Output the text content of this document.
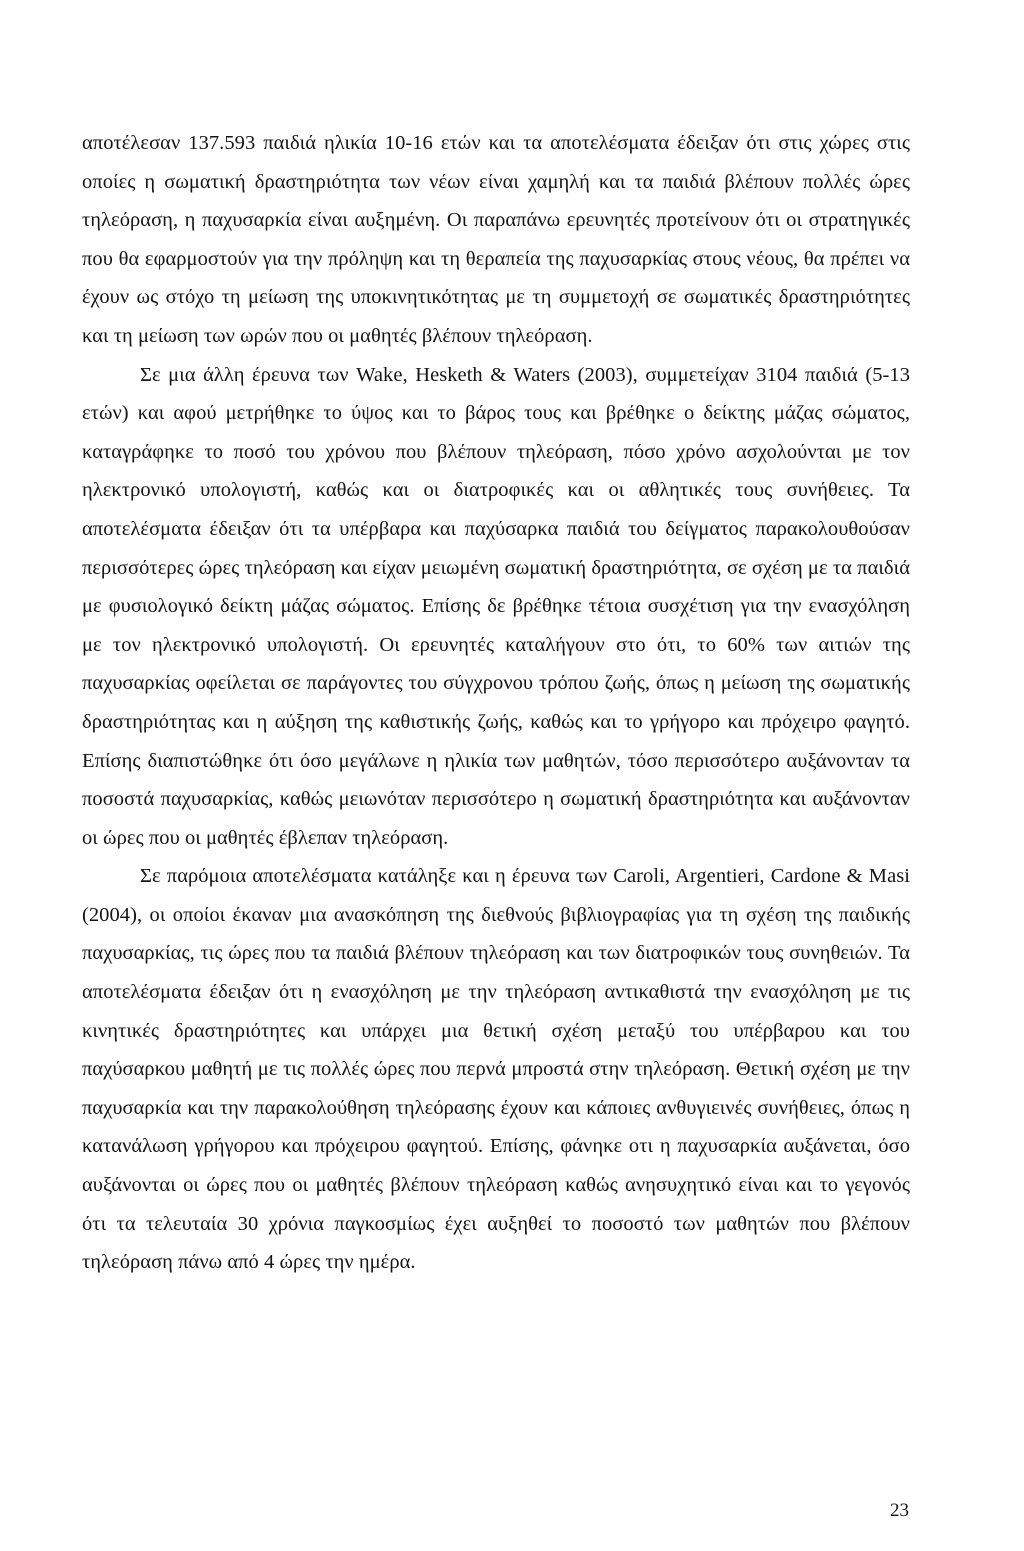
αποτέλεσαν 137.593 παιδιά ηλικία 10-16 ετών και τα αποτελέσματα έδειξαν ότι στις χώρες στις οποίες η σωματική δραστηριότητα των νέων είναι χαμηλή και τα παιδιά βλέπουν πολλές ώρες τηλεόραση, η παχυσαρκία είναι αυξημένη. Οι παραπάνω ερευνητές προτείνουν ότι οι στρατηγικές που θα εφαρμοστούν για την πρόληψη και τη θεραπεία της παχυσαρκίας στους νέους, θα πρέπει να έχουν ως στόχο τη μείωση της υποκινητικότητας με τη συμμετοχή σε σωματικές δραστηριότητες και τη μείωση των ωρών που οι μαθητές βλέπουν τηλεόραση.

Σε μια άλλη έρευνα των Wake, Hesketh & Waters (2003), συμμετείχαν 3104 παιδιά (5-13 ετών) και αφού μετρήθηκε το ύψος και το βάρος τους και βρέθηκε ο δείκτης μάζας σώματος, καταγράφηκε το ποσό του χρόνου που βλέπουν τηλεόραση, πόσο χρόνο ασχολούνται με τον ηλεκτρονικό υπολογιστή, καθώς και οι διατροφικές και οι αθλητικές τους συνήθειες. Τα αποτελέσματα έδειξαν ότι τα υπέρβαρα και παχύσαρκα παιδιά του δείγματος παρακολουθούσαν περισσότερες ώρες τηλεόραση και είχαν μειωμένη σωματική δραστηριότητα, σε σχέση με τα παιδιά με φυσιολογικό δείκτη μάζας σώματος. Επίσης δε βρέθηκε τέτοια συσχέτιση για την ενασχόληση με τον ηλεκτρονικό υπολογιστή. Οι ερευνητές καταλήγουν στο ότι, το 60% των αιτιών της παχυσαρκίας οφείλεται σε παράγοντες του σύγχρονου τρόπου ζωής, όπως η μείωση της σωματικής δραστηριότητας και η αύξηση της καθιστικής ζωής, καθώς και το γρήγορο και πρόχειρο φαγητό. Επίσης διαπιστώθηκε ότι όσο μεγάλωνε η ηλικία των μαθητών, τόσο περισσότερο αυξάνονταν τα ποσοστά παχυσαρκίας, καθώς μειωνόταν περισσότερο η σωματική δραστηριότητα και αυξάνονταν οι ώρες που οι μαθητές έβλεπαν τηλεόραση.

Σε παρόμοια αποτελέσματα κατάληξε και η έρευνα των Caroli, Argentieri, Cardone & Masi (2004), οι οποίοι έκαναν μια ανασκόπηση της διεθνούς βιβλιογραφίας για τη σχέση της παιδικής παχυσαρκίας, τις ώρες που τα παιδιά βλέπουν τηλεόραση και των διατροφικών τους συνηθειών. Τα αποτελέσματα έδειξαν ότι η ενασχόληση με την τηλεόραση αντικαθιστά την ενασχόληση με τις κινητικές δραστηριότητες και υπάρχει μια θετική σχέση μεταξύ του υπέρβαρου και του παχύσαρκου μαθητή με τις πολλές ώρες που περνά μπροστά στην τηλεόραση. Θετική σχέση με την παχυσαρκία και την παρακολούθηση τηλεόρασης έχουν και κάποιες ανθυγιεινές συνήθειες, όπως η κατανάλωση γρήγορου και πρόχειρου φαγητού. Επίσης, φάνηκε οτι η παχυσαρκία αυξάνεται, όσο αυξάνονται οι ώρες που οι μαθητές βλέπουν τηλεόραση καθώς ανησυχητικό είναι και το γεγονός ότι τα τελευταία 30 χρόνια παγκοσμίως έχει αυξηθεί το ποσοστό των μαθητών που βλέπουν τηλεόραση πάνω από 4 ώρες την ημέρα.

23
